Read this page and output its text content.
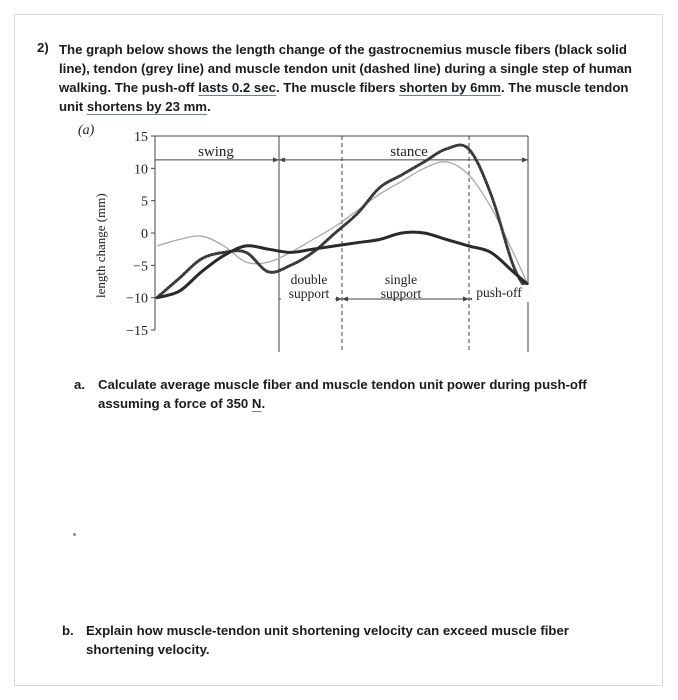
2) The graph below shows the length change of the gastrocnemius muscle fibers (black solid line), tendon (grey line) and muscle tendon unit (dashed line) during a single step of human walking. The push-off lasts 0.2 sec. The muscle fibers shorten by 6mm. The muscle tendon unit shortens by 23 mm.
(a)
length change (mm)
15
10
5
0
−5
−10
−15
swing	stance
double
support
single
support	push-off
a. Calculate average muscle fiber and muscle tendon unit power during push-off assuming a force of 350 N.
b. Explain how muscle-tendon unit shortening velocity can exceed muscle fiber shortening velocity.
